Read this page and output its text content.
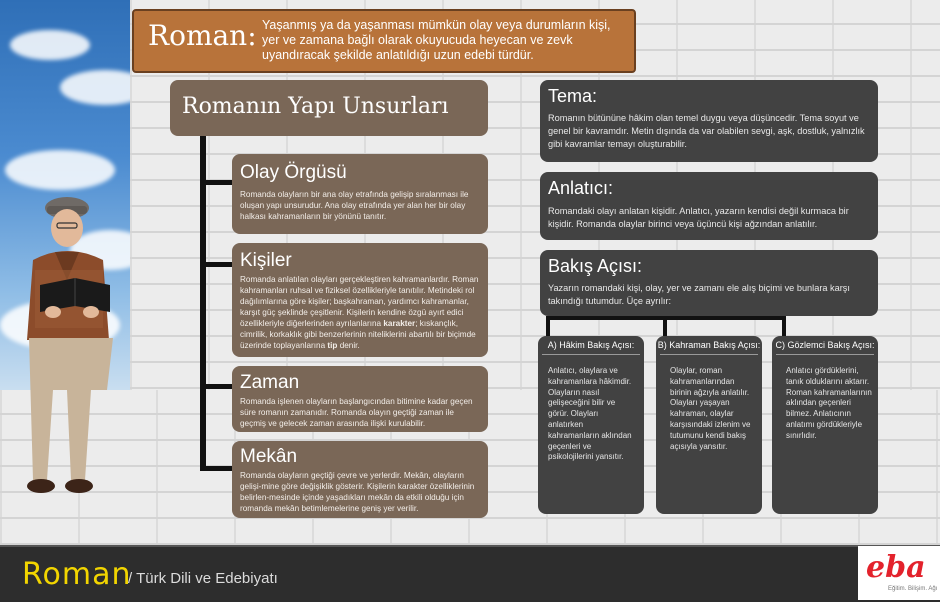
Roman: Yaşanmış ya da yaşanması mümkün olay veya durumların kişi, yer ve zamana bağlı olarak okuyucuda heyecan ve zevk uyandıracak şekilde anlatıldığı uzun edebi türdür.
Romanın Yapı Unsurları
Olay Örgüsü
Romanda olayların bir ana olay etrafında gelişip sıralanması ile oluşan yapı unsurudur. Ana olay etrafında yer alan her bir olay halkası kahramanların bir yönünü tanıtır.
Kişiler
Romanda anlatılan olayları gerçekleştiren kahramanlardır. Roman kahramanları ruhsal ve fiziksel özellikleriyle tanıtılır. Metindeki rol dağılımlarına göre kişiler; başkahraman, yardımcı kahramanlar, karşıt güç şeklinde çeşitlenir. Kişilerin kendine özgü ayırt edici özellikleriyle diğerlerinden ayrılanlarına karakter; kıskançlık, cimrilik, korkaklık gibi benzerlerinin niteliklerini abartılı bir biçimde üzerinde toplayanlarına tip denir.
Zaman
Romanda işlenen olayların başlangıcından bitimine kadar geçen süre romanın zamanıdır. Romanda olayın geçtiği zaman ile geçmiş ve gelecek zaman arasında ilişki kurulabilir.
Mekân
Romanda olayların geçtiği çevre ve yerlerdir. Mekân, olayların gelişi-mine göre değişiklik gösterir. Kişilerin karakter özelliklerinin belirlen-mesinde içinde yaşadıkları mekân da etkili olduğu için romanda mekân betimlemelerine geniş yer verilir.
Tema:
Romanın bütününe hâkim olan temel duygu veya düşüncedir. Tema soyut ve genel bir kavramdır. Metin dışında da var olabilen sevgi, aşk, dostluk, yalnızlık gibi kavramlar temayı oluşturabilir.
Anlatıcı:
Romandaki olayı anlatan kişidir. Anlatıcı, yazarın kendisi değil kurmaca bir kişidir. Romanda olaylar birinci veya üçüncü kişi ağzından anlatılır.
Bakış Açısı:
Yazarın romandaki kişi, olay, yer ve zamanı ele alış biçimi ve bunlara karşı takındığı tutumdur. Üçe ayrılır:
A) Hâkim Bakış Açısı:
Anlatıcı, olaylara ve kahramanlara hâkimdir. Olayların nasıl gelişeceğini bilir ve görür. Olayları anlatırken kahramanların aklından geçenleri ve psikolojilerini yansıtır.
B) Kahraman Bakış Açısı:
Olaylar, roman kahramanlarından birinin ağzıyla anlatılır. Olayları yaşayan kahraman, olaylar karşısındaki izlenim ve tutumunu kendi bakış açısıyla yansıtır.
C) Gözlemci Bakış Açısı:
Anlatıcı gördüklerini, tanık olduklarını aktarır. Roman kahramanlarının aklından geçenleri bilmez. Anlatıcının anlatımı gördükleriyle sınırlıdır.
Roman
/ Türk Dili ve Edebiyatı	eba
Eğitim. Bilişim. Ağı
